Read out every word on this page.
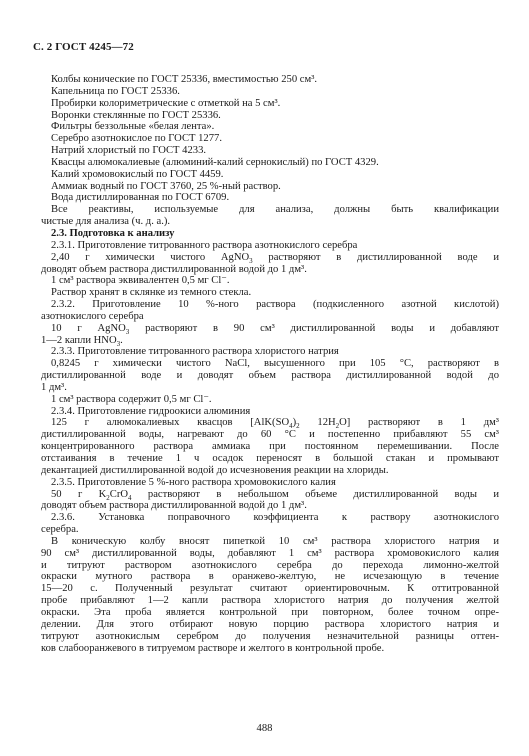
С. 2 ГОСТ 4245—72
Колбы конические по ГОСТ 25336, вместимостью 250 см³.
Капельница по ГОСТ 25336.
Пробирки колориметрические с отметкой на 5 см³.
Воронки стеклянные по ГОСТ 25336.
Фильтры беззольные «белая лента».
Серебро азотнокислое по ГОСТ 1277.
Натрий хлористый по ГОСТ 4233.
Квасцы алюмокалиевые (алюминий-калий сернокислый) по ГОСТ 4329.
Калий хромовокислый по ГОСТ 4459.
Аммиак водный по ГОСТ 3760, 25 %-ный раствор.
Вода дистиллированная по ГОСТ 6709.
Все реактивы, используемые для анализа, должны быть квалификации
чистые для анализа (ч. д. а.).
2.3. Подготовка к анализу
2.3.1. Приготовление титрованного раствора азотнокислого серебра
2,40 г химически чистого AgNO$_3$ растворяют в дистиллированной воде и
доводят объем раствора дистиллированной водой до 1 дм³.
1 см³ раствора эквивалентен 0,5 мг Cl⁻.
Раствор хранят в склянке из темного стекла.
2.3.2. Приготовление 10 %-ного раствора (подкисленного азотной кислотой)
азотнокислого серебра
10 г AgNO$_3$ растворяют в 90 см³ дистиллированной воды и добавляют
1—2 капли $HNO_3$.
2.3.3. Приготовление титрованного раствора хлористого натрия
0,8245 г химически чистого NaCl, высушенного при 105 °С, растворяют в
дистиллированной воде и доводят объем раствора дистиллированной водой до
1 дм³.
1 см³ раствора содержит 0,5 мг Cl⁻.
2.3.4. Приготовление гидроокиси алюминия
125 г алюмокалиевых квасцов [$AlK(SO_4)_2$ $12H_2O$] растворяют в 1 дм³
дистиллированной воды, нагревают до 60 °С и постепенно прибавляют 55 см³
концентрированного раствора аммиака при постоянном перемешивании. После
отстаивания в течение 1 ч осадок переносят в большой стакан и промывают
декантацией дистиллированной водой до исчезновения реакции на хлориды.
2.3.5. Приготовление 5 %-ного раствора хромовокислого калия
50 г $K_2CrO_4$ растворяют в небольшом объеме дистиллированной воды и
доводят объем раствора дистиллированной водой до 1 дм³.
2.3.6. Установка поправочного коэффициента к раствору азотнокислого
серебра.
В коническую колбу вносят пипеткой 10 см³ раствора хлористого натрия и
90 см³ дистиллированной воды, добавляют 1 см³ раствора хромовокислого калия
и титруют раствором азотнокислого серебра до перехода лимонно-желтой
окраски мутного раствора в оранжево-желтую, не исчезающую в течение
15—20 с. Полученный результат считают ориентировочным. К оттитрованной
пробе прибавляют 1—2 капли раствора хлористого натрия до получения желтой
окраски. Эта проба является контрольной при повторном, более точном опре-
делении. Для этого отбирают новую порцию раствора хлористого натрия и
титруют азотнокислым серебром до получения незначительной разницы оттен-
ков слабооранжевого в титруемом растворе и желтого в контрольной пробе.
488
